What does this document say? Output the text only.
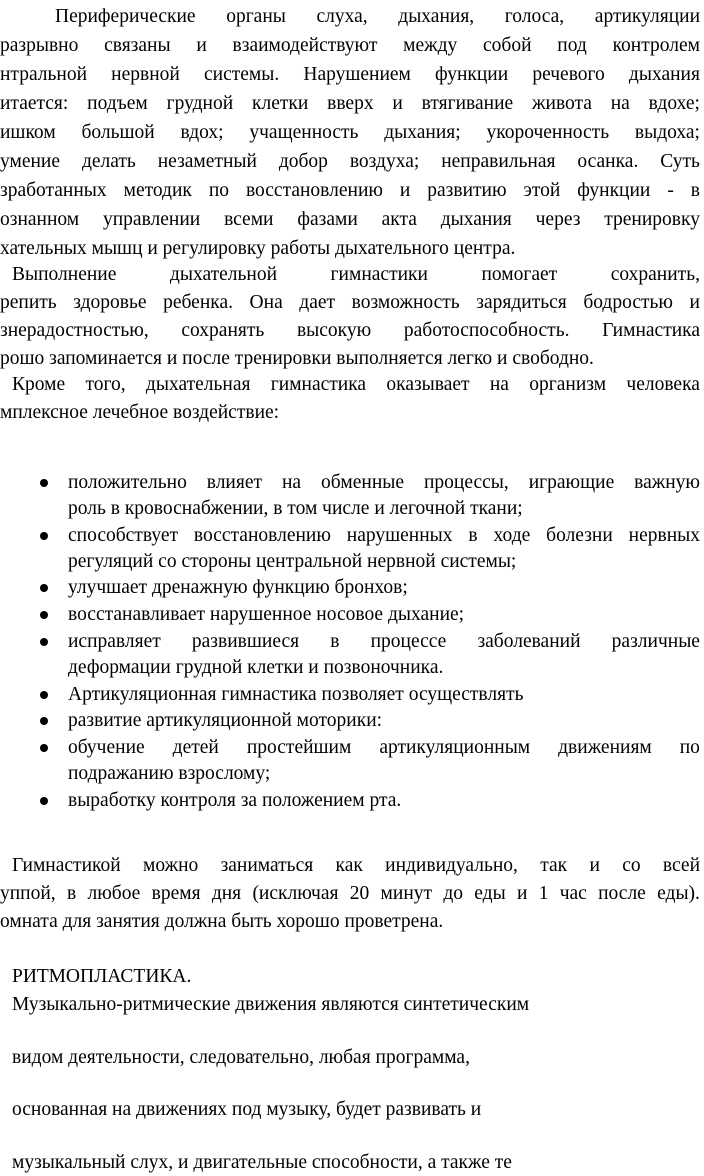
Периферические органы слуха, дыхания, голоса, артикуляции
разрывно связаны и взаимодействуют между собой под контролем
нтральной нервной системы. Нарушением функции речевого дыхания
итается: подъем грудной клетки вверх и втягивание живота на вдохе;
ишком большой вдох; учащенность дыхания; укороченность выдоха;
умение делать незаметный добор воздуха; неправильная осанка. Суть
зработанных методик по восстановлению и развитию этой функции - в
ознанном управлении всеми фазами акта дыхания через тренировку
хательных мышц и регулировку работы дыхательного центра.
Выполнение	дыхательной	гимнастики	помогает	сохранить,
репить здоровье ребенка. Она дает возможность зарядиться бодростью и
знерадостностью, сохранять высокую работоспособность. Гимнастика
рошо запоминается и после тренировки выполняется легко и свободно.
Кроме того, дыхательная гимнастика оказывает на организм человека
мплексное лечебное воздействие:
положительно влияет на обменные процессы, играющие важную
роль в кровоснабжении, в том числе и легочной ткани;
способствует восстановлению нарушенных в ходе болезни нервных
регуляций со стороны центральной нервной системы;
улучшает дренажную функцию бронхов;
восстанавливает нарушенное носовое дыхание;
исправляет развившиеся в процессе заболеваний различные
деформации грудной клетки и позвоночника.
Артикуляционная гимнастика позволяет осуществлять
развитие артикуляционной моторики:
обучение детей простейшим артикуляционным движениям по
подражанию взрослому;
выработку контроля за положением рта.
Гимнастикой можно заниматься как индивидуально, так и со всей
уппой, в любое время дня (исключая 20 минут до еды и 1 час после еды).
омната для занятия должна быть хорошо проветрена.
РИТМОПЛАСТИКА.
Музыкально-ритмические движения являются синтетическим
видом деятельности, следовательно, любая программа,
основанная на движениях под музыку, будет развивать и
музыкальный слух, и двигательные способности, а также те
